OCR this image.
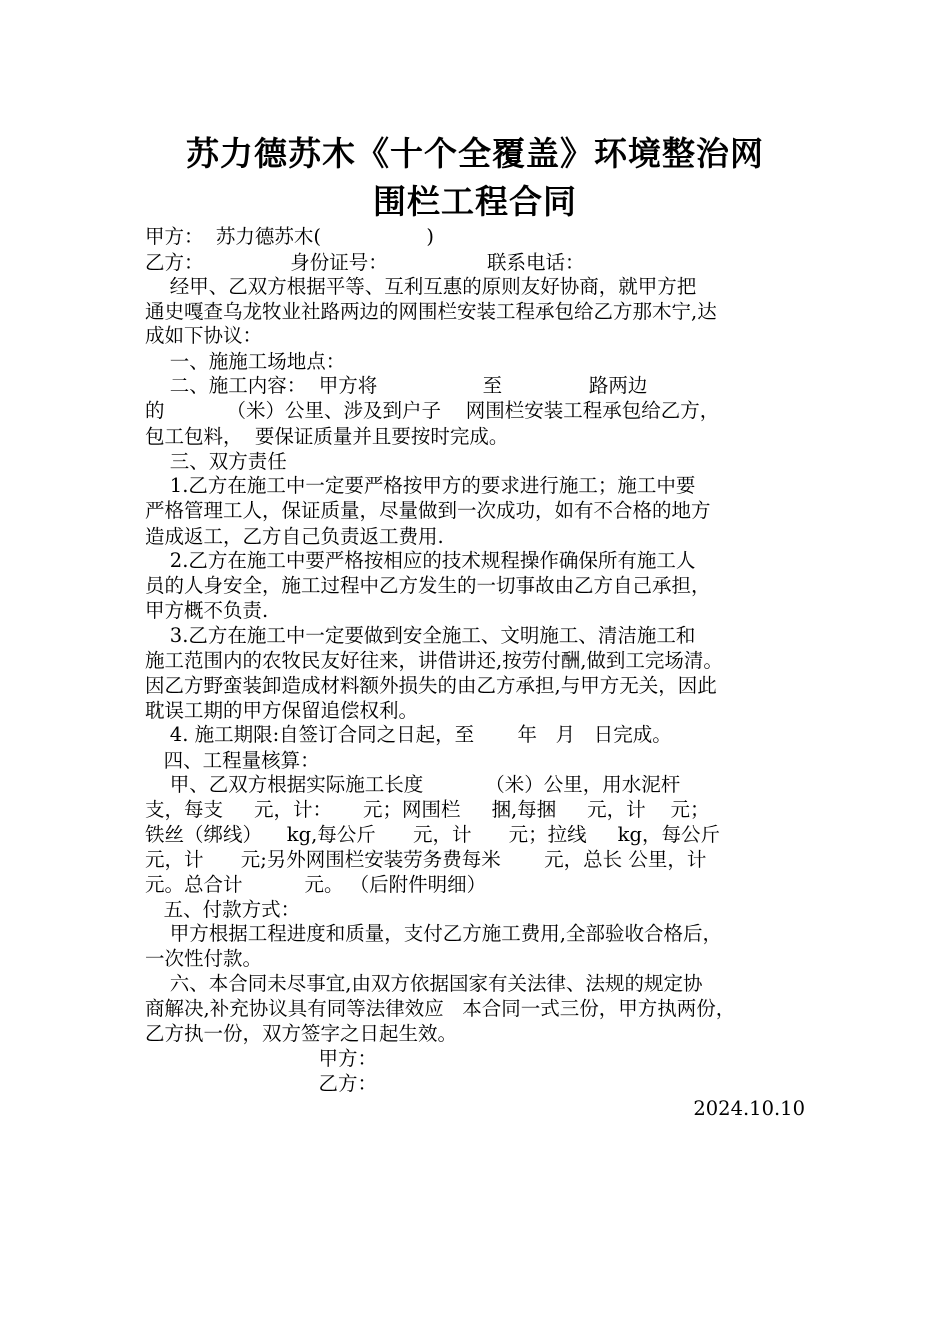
苏力德苏木《十个全覆盖》环境整治网
围栏工程合同

甲方：  苏力德苏木(                 )

乙方：              身份证号：                联系电话：

经甲、乙双方根据平等、互利互惠的原则友好协商，就甲方把

通史嘎查乌龙牧业社路两边的网围栏安装工程承包给乙方那木宁,达

成如下协议：

一、施施工场地点：

二、施工内容：  甲方将                 至              路两边

的          （米）公里、涉及到户子    网围栏安装工程承包给乙方，

包工包料，  要保证质量并且要按时完成。

三、双方责任

1.乙方在施工中一定要严格按甲方的要求进行施工；施工中要

严格管理工人，保证质量，尽量做到一次成功，如有不合格的地方

造成返工，乙方自己负责返工费用.

2.乙方在施工中要严格按相应的技术规程操作确保所有施工人

员的人身安全，施工过程中乙方发生的一切事故由乙方自己承担，

甲方概不负责.

3.乙方在施工中一定要做到安全施工、文明施工、清洁施工和

施工范围内的农牧民友好往来，讲借讲还,按劳付酬,做到工完场清。

因乙方野蛮装卸造成材料额外损失的由乙方承担,与甲方无关，因此

耽误工期的甲方保留追偿权利。

4. 施工期限:自签订合同之日起，至       年   月   日完成。

四、工程量核算：

甲、乙双方根据实际施工长度          （米）公里，用水泥杆

支，每支     元，计：     元；网围栏     捆,每捆     元，计    元；

铁丝（绑线）    kg,每公斤      元，计      元；拉线     kg，每公斤

元，计      元;另外网围栏安装劳务费每米       元，总长 公里，计

元。总合计          元。 （后附件明细）

五、付款方式：

甲方根据工程进度和质量，支付乙方施工费用,全部验收合格后，

一次性付款。

六、本合同未尽事宜,由双方依据国家有关法律、法规的规定协

商解决,补充协议具有同等法律效应   本合同一式三份，甲方执两份，

乙方执一份，双方签字之日起生效。

甲方：

乙方：

2024.10.10
